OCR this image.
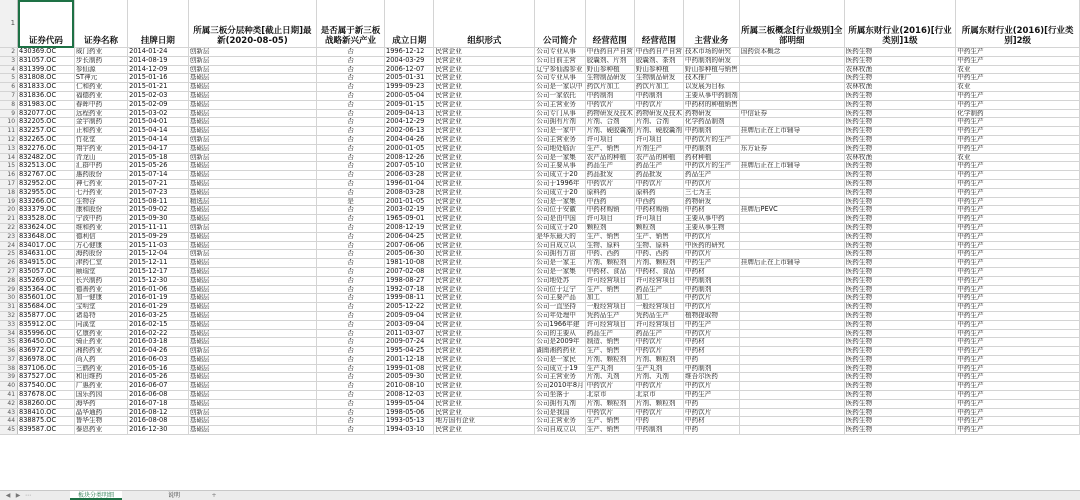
1	证券代码	证券名称	挂牌日期	所属三板分层种类[截止日期]最新(2020-08-05)	是否属于新三板战略新兴产业	成立日期	组织形式	公司简介	经营范围	经营范围	主营业务	所属三板概念[行业级别]全部明细	所属东财行业(2016)[行业类别]1级	所属东财行业(2016)[行业类别]2级
2	430369.OC	威门药业	2014-01-24	创新层	否	1996-12-12	民营企业	公司专业从事	中西药自产自营	中西药自产自营	技术市场的研究	国药资本概念	医药生物	中药生产
3	831057.OC	步长制药	2014-08-19	创新层	否	2004-03-29	民营企业	公司目前主营	胶囊剂、片剂	胶囊剂、茶剂	中药制剂的研发		医药生物	中药生产
4	831399.OC	参仙源	2014-12-09	创新层	否	2006-12-07	民营企业	辽宁参仙源参业	野山参种植	野山参种植	野山参种植与销售		农林牧渔	农业
5	831808.OC	ST神元	2015-01-16	基础层	否	2005-01-31	民营企业	公司专业从事	生物制品研发	生物制品研发	技术推广		医药生物	中药生产
6	831833.OC	仁和药业	2015-01-21	基础层	否	1999-09-23	民营企业	公司是一家以中	药饮片加工	药饮片加工	以发展为目标		农林牧渔	农业
7	831836.OC	福德药业	2015-02-03	基础层	否	2000-05-04	民营企业	公司一家依托	中药制剂	中药制剂	主要从事中药制剂		医药生物	中药生产
8	831983.OC	春晖中药	2015-02-09	基础层	否	2009-01-15	民营企业	公司主营业务	中药饮片	中药饮片	中药材的种植销售		医药生物	中药生产
9	832077.OC	远程药业	2015-03-02	基础层	否	2009-04-13	民营企业	公司专门从事	药物研发及技术	药物研发及技术	药物研发	中信证券	医药生物	化学制药
10	832205.OC	金宇制药	2015-04-01	基础层	否	2004-12-29	民营企业	公司拥有片剂	片剂、合剂	片剂、合剂	化学药品制剂		医药生物	中药生产
11	832257.OC	正和药业	2015-04-14	基础层	否	2002-06-13	民营企业	公司是一家中	片剂、硬胶囊剂	片剂、硬胶囊剂	中药制剂	挂牌后正在上市辅导	医药生物	中药生产
12	832265.OC	竹花堂	2015-04-14	创新层	否	2004-04-26	民营企业	公司主营业务	许可项目	许可项目	中药饮片的生产		医药生物	中药生产
13	832276.OC	翔宇药业	2015-04-17	基础层	否	2000-01-05	民营企业	公司地处临沂	生产、销售	片剂生产	中药制剂	东方证券	医药生物	中药生产
14	832482.OC	青龙山	2015-05-18	创新层	否	2008-12-26	民营企业	公司是一家集	农产品的种植	农产品的种植	药材种植		农林牧渔	农业
15	832513.OC	汇群中药	2015-05-26	基础层	否	2007-05-10	民营企业	公司主要从事	药品生产	药品生产	中药饮片的生产	挂牌后正在上市辅导	医药生物	中药生产
16	832767.OC	惠药股份	2015-07-14	基础层	否	2006-03-28	民营企业	公司成立于20	药品批发	药品批发	药品生产		医药生物	中药生产
17	832952.OC	神七药业	2015-07-21	基础层	否	1996-01-04	民营企业	公司于1996年	中药饮片	中药饮片	中药饮片		医药生物	中药生产
18	832955.OC	七丹药业	2015-07-23	基础层	否	2008-03-28	民营企业	公司成立于20	原料药	原料药	三七为主		医药生物	中药生产
19	833266.OC	生物谷	2015-08-11	精选层	是	2001-01-05	民营企业	公司是一家集	中西药	中西药	药物研发		医药生物	中药生产
20	833379.OC	康和股份	2015-09-02	基础层	否	2003-02-19	民营企业	公司位于安徽	中药材购销	中药材购销	中药材	挂牌后PEVC	医药生物	中药生产
21	833528.OC	宁波中药	2015-09-30	基础层	否	1965-09-01	民营企业	公司是由中国	许可项目	许可项目	主要从事中药		医药生物	中药生产
22	833624.OC	维和药业	2015-11-11	创新层	否	2008-12-19	民营企业	公司成立于20	颗粒剂	颗粒剂	主要从事生物		医药生物	中药生产
23	833648.OC	德利信	2015-09-29	基础层	否	2006-04-25	民营企业	是华东最大的	生产、销售	生产、销售	中药饮片		医药生物	中药生产
24	834017.OC	方心健康	2015-11-03	基础层	否	2007-06-06	民营企业	公司自成立以	生物、原料	生物、原料	中医药的研究		医药生物	中药生产
25	834631.OC	海药股份	2015-12-04	创新层	否	2005-06-30	民营企业	公司拥有万亩	中药、西药	中药、西药	中药饮片		医药生物	中药生产
26	834915.OC	津药仁堂	2015-12-11	基础层	否	1981-10-08	民营企业	公司是一家主	片剂、颗粒剂	片剂、颗粒剂	中药生产	挂牌后正在上市辅导	医药生物	中药生产
27	835057.OC	颐瑞堂	2015-12-17	基础层	否	2007-02-08	民营企业	公司是一家集	中药材、食品	中药材、食品	中药材		医药生物	中药生产
28	835269.OC	长兴制药	2015-12-30	基础层	否	1998-08-27	民营企业	公司地处苏	许可经营项目	许可经营项目	中药制剂		医药生物	中药生产
29	835364.OC	德善药业	2016-01-06	基础层	否	1992-07-18	民营企业	公司位于辽宁	生产、销售	药品生产	中药制剂		医药生物	中药生产
30	835601.OC	加一健康	2016-01-19	基础层	否	1999-08-11	民营企业	公司主要产品	加工	加工	中药饮片		医药生物	中药生产
31	835684.OC	宝明堂	2016-01-29	基础层	否	2005-12-22	民营企业	公司一直坚持	一般经营项目	一般经营项目	中药饮片		医药生物	中药生产
32	835877.OC	诸葛特	2016-03-25	基础层	否	2009-09-04	民营企业	公司年处理中	凭药品生产	凭药品生产	植物提取物		医药生物	中药生产
33	835912.OC	同溪堂	2016-02-15	基础层	否	2003-09-04	民营企业	公司1966年建	许可经营项目	许可经营项目	中药生产		医药生物	中药生产
34	835996.OC	亿康药业	2016-02-22	基础层	否	2011-03-07	民营企业	公司的主要从	药品生产	药品生产	中药饮片		医药生物	中药生产
35	836450.OC	骑正药业	2016-03-18	基础层	否	2009-07-24	民营企业	公司是2009年	制造、销售	中药饮片	中药材		医药生物	中药生产
36	836972.OC	湘药药业	2016-04-26	创新层	否	1995-04-25	民营企业	湖南湘药药业	生产、销售	中药饮片	中药材		医药生物	中药生产
37	836978.OC	尚人药	2016-06-03	基础层	否	2001-12-18	民营企业	公司是一家民	片剂、颗粒剂	片剂、颗粒剂	中药		医药生物	中药生产
38	837106.OC	三鹤药业	2016-05-16	基础层	否	1999-01-08	民营企业	公司成立于19	生产丸剂	生产丸剂	中药制剂		医药生物	中药生产
39	837527.OC	和田维药	2016-05-26	基础层	否	2005-09-30	民营企业	公司主营业务	片剂、丸剂	片剂、丸剂	维吾尔医药		医药生物	中药生产
40	837540.OC	广惠药业	2016-06-07	基础层	否	2010-08-10	民营企业	公司2010年8月	中药饮片	中药饮片	中药饮片		医药生物	中药生产
41	837678.OC	国乐药园	2016-06-08	基础层	否	2008-12-03	民营企业	公司坐落于	北京市	北京市	中药生产		医药生物	中药生产
42	838260.OC	海华药	2016-07-18	基础层	否	1999-05-04	民营企业	公司拥有丸剂	片剂、颗粒剂	片剂、颗粒剂	中药		医药生物	中药生产
43	838410.OC	晶华通药	2016-08-12	创新层	否	1998-05-06	民营企业	公司是我国	中药饮片	中药饮片	中药饮片		医药生物	中药生产
44	838875.OC	鲁华生物	2016-08-08	基础层	否	1993-05-13	地方国有企业	公司主营业务	生产、销售	中药	中药材		医药生物	中药生产
45	839587.OC	泰恩药业	2016-12-30	基础层	否	1994-03-10	民营企业	公司自成立以	生产、销售	中药制剂	中药		医药生物	中药生产
◀ ▶ ⋯	板块分类明细	说明	+
